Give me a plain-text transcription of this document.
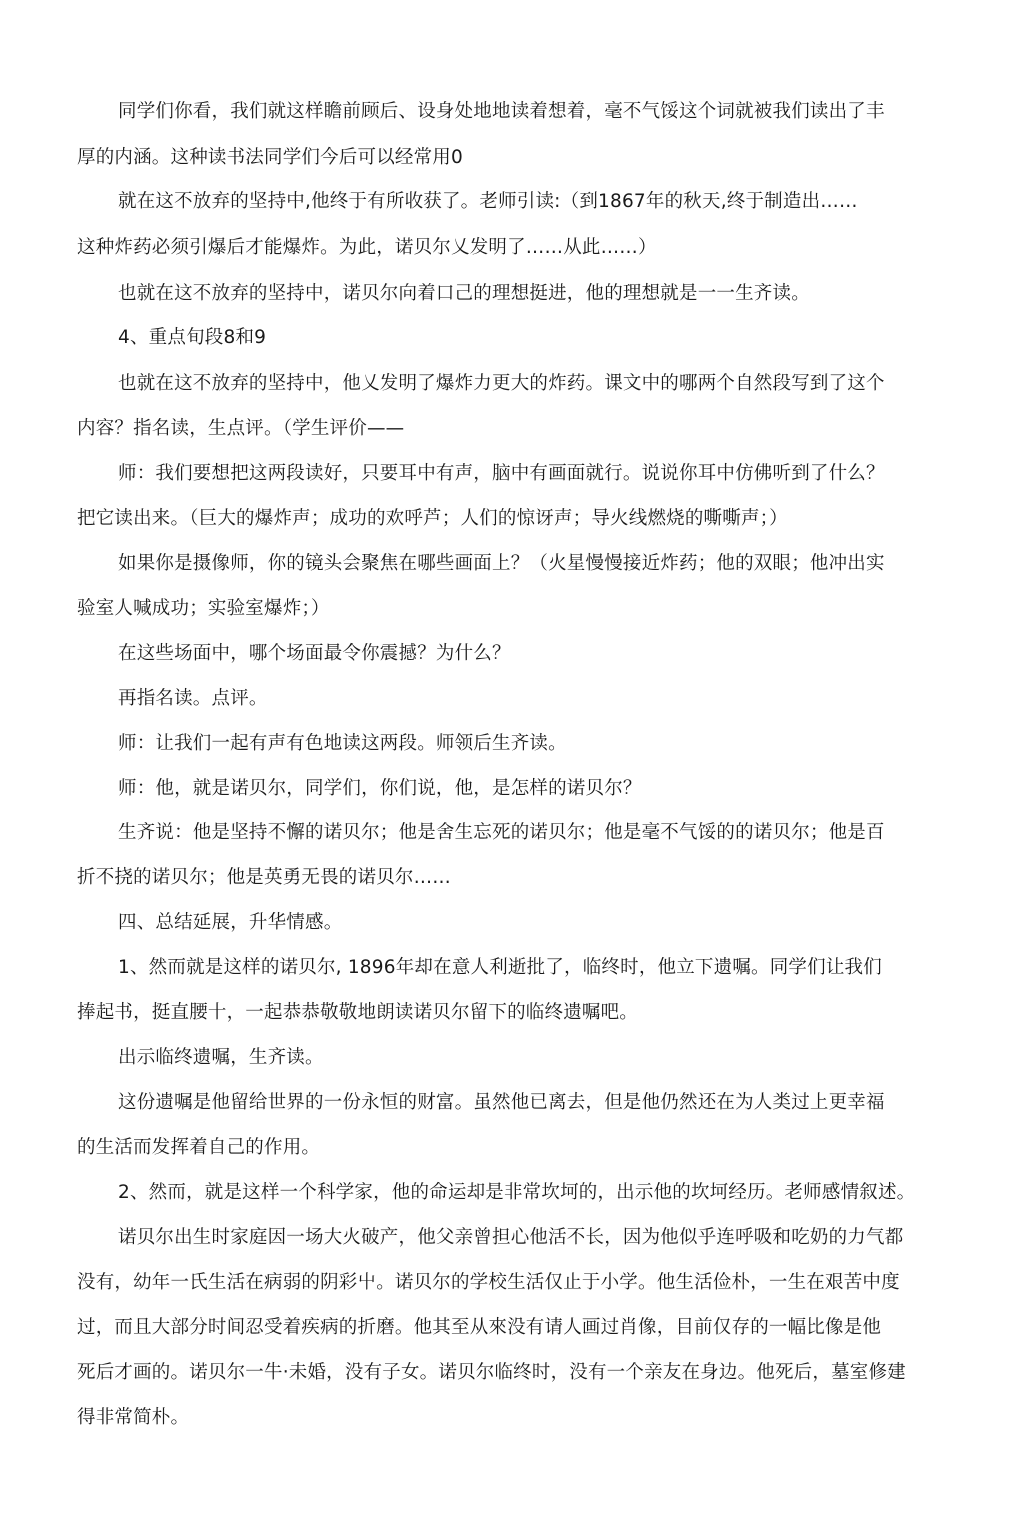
同学们你看，我们就这样瞻前顾后、设身处地地读着想着，毫不气馁这个词就被我们读出了丰
厚的内涵。这种读书法同学们今后可以经常用0
就在这不放弃的坚持中,他终于有所收获了。老师引读:（到1867年的秋天,终于制造出……
这种炸药必须引爆后才能爆炸。为此，诺贝尔乂发明了……从此……）
也就在这不放弃的坚持中，诺贝尔向着口己的理想挺进，他的理想就是一一生齐读。
4、重点旬段8和9
也就在这不放弃的坚持中，他乂发明了爆炸力更大的炸药。课文中的哪两个自然段写到了这个
内容？指名读，生点评。（学生评价——
师：我们要想把这两段读好，只要耳中有声，脑中有画面就行。说说你耳中仿佛听到了什么？
把它读出来。（巨大的爆炸声；成功的欢呼芦；人们的惊讶声；导火线燃烧的嘶嘶声；）
如果你是摄像师，你的镜头会聚焦在哪些画面上？（火星慢慢接近炸药；他的双眼；他冲出实
验室人喊成功；实验室爆炸；）
在这些场面中，哪个场面最令你震撼？为什么？
再指名读。点评。
师：让我们一起有声有色地读这两段。师领后生齐读。
师：他，就是诺贝尔，同学们，你们说，他，是怎样的诺贝尔？
生齐说：他是坚持不懈的诺贝尔；他是舍生忘死的诺贝尔；他是毫不气馁的的诺贝尔；他是百
折不挠的诺贝尔；他是英勇无畏的诺贝尔……
四、总结延展，升华情感。
1、然而就是这样的诺贝尔, 1896年却在意人利逝批了，临终时，他立下遗嘱。同学们让我们
捧起书，挺直腰十，一起恭恭敬敬地朗读诺贝尔留下的临终遗嘱吧。
出示临终遗嘱，生齐读。
这份遗嘱是他留给世界的一份永恒的财富。虽然他已离去，但是他仍然还在为人类过上更幸福
的生活而发挥着自己的作用。
2、然而，就是这样一个科学家，他的命运却是非常坎坷的，出示他的坎坷经历。老师感情叙述。
诺贝尔出生时家庭因一场大火破产，他父亲曾担心他活不长，因为他似乎连呼吸和吃奶的力气都
没有，幼年一氏生活在病弱的阴彩屮。诺贝尔的学校生活仅止于小学。他生活俭朴，一生在艰苦中度
过，而且大部分时间忍受着疾病的折磨。他其至从來没有请人画过肖像，目前仅存的一幅比像是他
死后才画的。诺贝尔一牛·未婚，没有子女。诺贝尔临终时，没有一个亲友在身边。他死后，墓室修建
得非常简朴。
